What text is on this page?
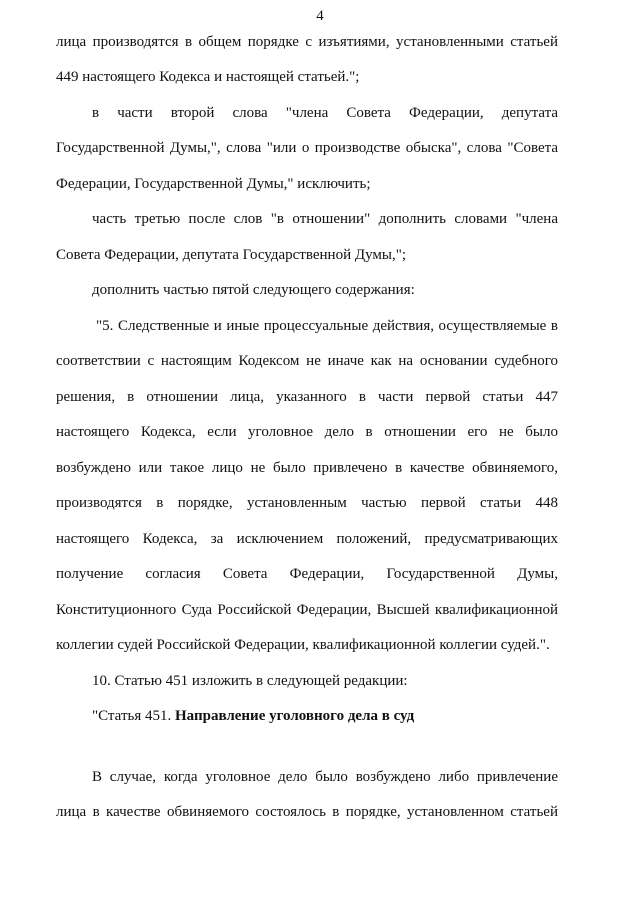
4
лица производятся в общем порядке с изъятиями, установленными статьей
449 настоящего Кодекса и настоящей статьей.";
в части второй слова "члена Совета Федерации, депутата
Государственной Думы,", слова "или о производстве обыска", слова "Совета
Федерации, Государственной Думы," исключить;
часть третью после слов "в отношении" дополнить словами "члена
Совета Федерации, депутата Государственной Думы,";
дополнить частью пятой следующего содержания:
"5. Следственные и иные процессуальные действия, осуществляемые в
соответствии с настоящим Кодексом не иначе как на основании судебного
решения, в отношении лица, указанного в части первой статьи 447
настоящего Кодекса, если уголовное дело в отношении его не было
возбуждено или такое лицо не было привлечено в качестве обвиняемого,
производятся в порядке, установленным частью первой статьи 448
настоящего Кодекса, за исключением положений, предусматривающих
получение согласия Совета Федерации, Государственной Думы,
Конституционного Суда Российской Федерации, Высшей квалификационной
коллегии судей Российской Федерации, квалификационной коллегии судей.".
10. Статью 451 изложить в следующей редакции:
"Статья 451. Направление уголовного дела в суд
В случае, когда уголовное дело было возбуждено либо привлечение
лица в качестве обвиняемого состоялось в порядке, установленном статьей
